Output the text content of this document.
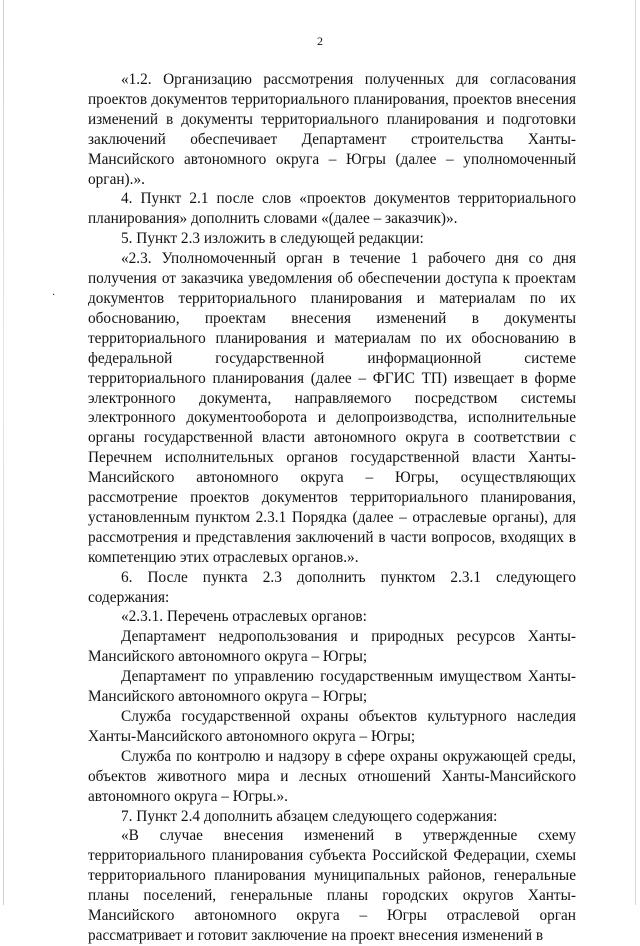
·
2

«1.2. Организацию рассмотрения полученных для согласования проектов документов территориального планирования, проектов внесения изменений в документы территориального планирования и подготовки заключений обеспечивает Департамент строительства Ханты-Мансийского автономного округа – Югры (далее – уполномоченный орган).».

4. Пункт 2.1 после слов «проектов документов территориального планирования» дополнить словами «(далее – заказчик)».

5. Пункт 2.3 изложить в следующей редакции:

«2.3. Уполномоченный орган в течение 1 рабочего дня со дня получения от заказчика уведомления об обеспечении доступа к проектам документов территориального планирования и материалам по их обоснованию, проектам внесения изменений в документы территориального планирования и материалам по их обоснованию в федеральной государственной информационной системе территориального планирования (далее – ФГИС ТП) извещает в форме электронного документа, направляемого посредством системы электронного документооборота и делопроизводства, исполнительные органы государственной власти автономного округа в соответствии с Перечнем исполнительных органов государственной власти Ханты-Мансийского автономного округа – Югры, осуществляющих рассмотрение проектов документов территориального планирования, установленным пунктом 2.3.1 Порядка (далее – отраслевые органы), для рассмотрения и представления заключений в части вопросов, входящих в компетенцию этих отраслевых органов.».

6. После пункта 2.3 дополнить пунктом 2.3.1 следующего содержания:

«2.3.1. Перечень отраслевых органов:

Департамент недропользования и природных ресурсов Ханты-Мансийского автономного округа – Югры;

Департамент по управлению государственным имуществом Ханты-Мансийского автономного округа – Югры;

Служба государственной охраны объектов культурного наследия Ханты-Мансийского автономного округа – Югры;

Служба по контролю и надзору в сфере охраны окружающей среды, объектов животного мира и лесных отношений Ханты-Мансийского автономного округа – Югры.».

7. Пункт 2.4 дополнить абзацем следующего содержания:

«В случае внесения изменений в утвержденные схему территориального планирования субъекта Российской Федерации, схемы территориального планирования муниципальных районов, генеральные планы поселений, генеральные планы городских округов Ханты-Мансийского автономного округа – Югры отраслевой орган рассматривает и готовит заключение на проект внесения изменений в
